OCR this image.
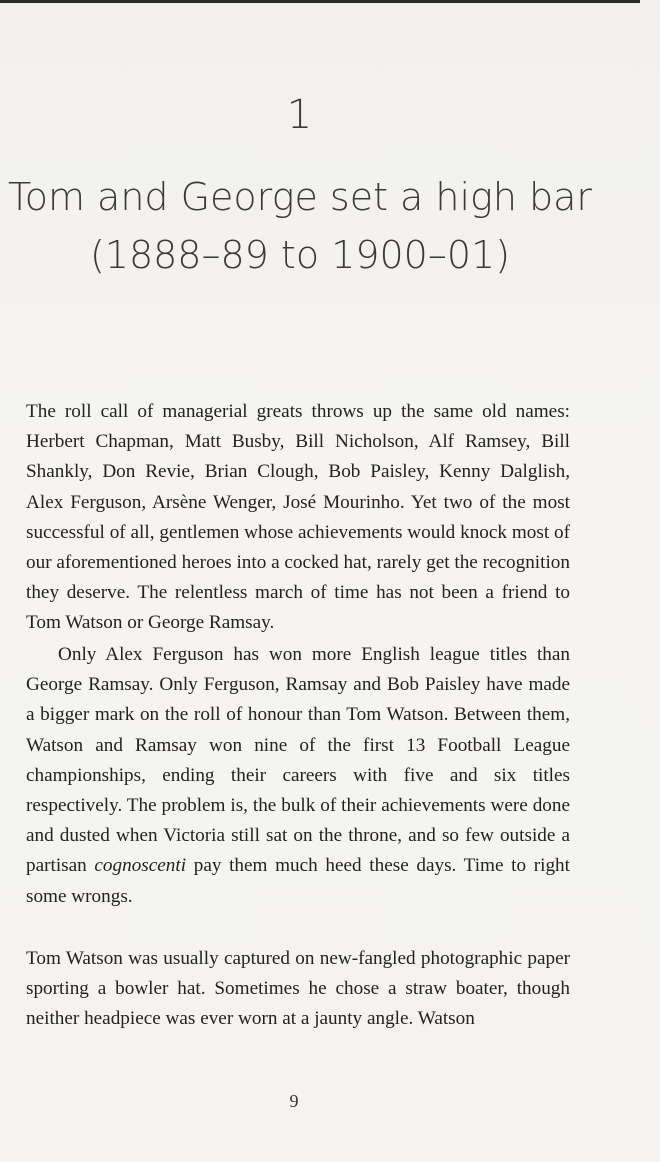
1
Tom and George set a high bar
(1888–89 to 1900–01)

The roll call of managerial greats throws up the same old names: Herbert Chapman, Matt Busby, Bill Nicholson, Alf Ramsey, Bill Shankly, Don Revie, Brian Clough, Bob Paisley, Kenny Dalglish, Alex Ferguson, Arsène Wenger, José Mourinho. Yet two of the most successful of all, gentlemen whose achievements would knock most of our aforementioned heroes into a cocked hat, rarely get the recognition they deserve. The relentless march of time has not been a friend to Tom Watson or George Ramsay.

Only Alex Ferguson has won more English league titles than George Ramsay. Only Ferguson, Ramsay and Bob Paisley have made a bigger mark on the roll of honour than Tom Watson. Between them, Watson and Ramsay won nine of the first 13 Football League championships, ending their careers with five and six titles respectively. The problem is, the bulk of their achievements were done and dusted when Victoria still sat on the throne, and so few outside a partisan cognoscenti pay them much heed these days. Time to right some wrongs.

Tom Watson was usually captured on new-fangled photographic paper sporting a bowler hat. Sometimes he chose a straw boater, though neither headpiece was ever worn at a jaunty angle. Watson

9
